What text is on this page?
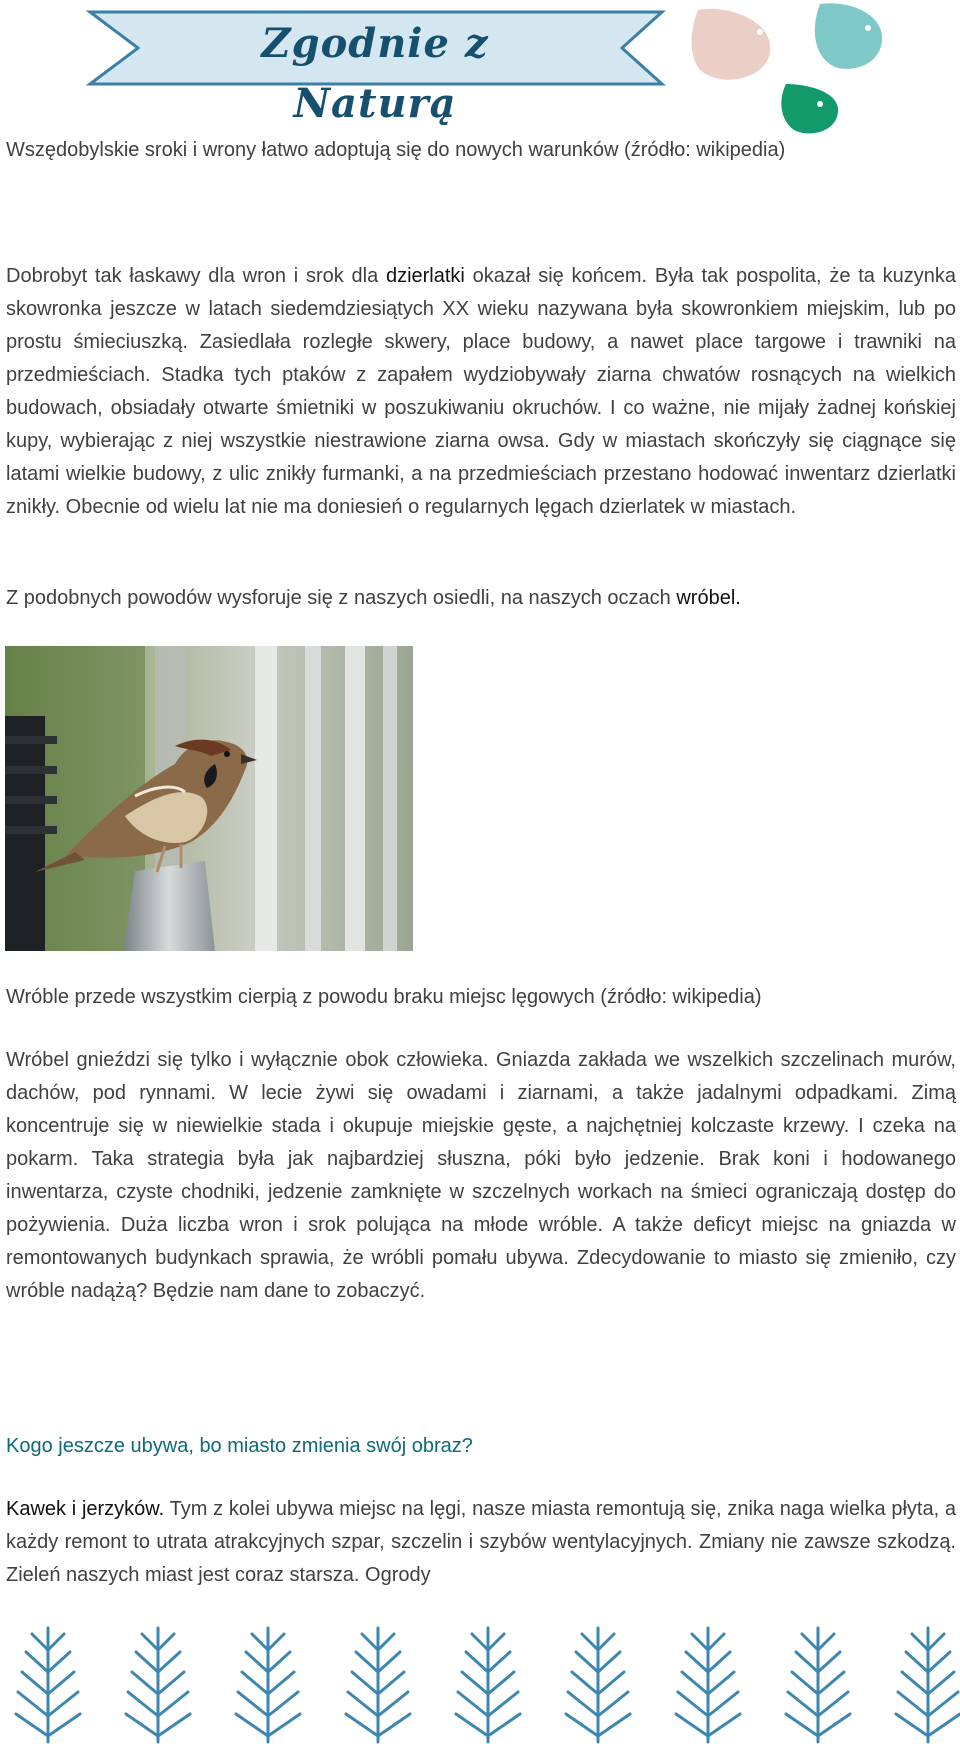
Zgodnie z Naturą
Wszędobylskie sroki i wrony łatwo adoptują się do nowych warunków (źródło: wikipedia)
Dobrobyt tak łaskawy dla wron i srok dla dzierlatki okazał się końcem. Była tak pospolita, że ta kuzynka skowronka jeszcze w latach siedemdziesiątych XX wieku nazywana była skowronkiem miejskim, lub po prostu śmieciuszką. Zasiedlała rozległe skwery, place budowy, a nawet place targowe i trawniki na przedmieściach. Stadka tych ptaków z zapałem wydziobywały ziarna chwatów rosnących na wielkich budowach, obsiadały otwarte śmietniki w poszukiwaniu okruchów. I co ważne, nie mijały żadnej końskiej kupy, wybierając z niej wszystkie niestrawione ziarna owsa. Gdy w miastach skończyły się ciągnące się latami wielkie budowy, z ulic znikły furmanki, a na przedmieściach przestano hodować inwentarz dzierlatki znikły. Obecnie od wielu lat nie ma doniesień o regularnych lęgach dzierlatek w miastach.
Z podobnych powodów wysforuje się z naszych osiedli, na naszych oczach wróbel.
Wróble przede wszystkim cierpią z powodu braku miejsc lęgowych (źródło: wikipedia)
Wróbel gnieździ się tylko i wyłącznie obok człowieka. Gniazda zakłada we wszelkich szczelinach murów, dachów, pod rynnami. W lecie żywi się owadami i ziarnami, a także jadalnymi odpadkami. Zimą koncentruje się w niewielkie stada i okupuje miejskie gęste, a najchętniej kolczaste krzewy. I czeka na pokarm. Taka strategia była jak najbardziej słuszna, póki było jedzenie. Brak koni i hodowanego inwentarza, czyste chodniki, jedzenie zamknięte w szczelnych workach na śmieci ograniczają dostęp do pożywienia. Duża liczba wron i srok polująca na młode wróble. A także deficyt miejsc na gniazda w remontowanych budynkach sprawia, że wróbli pomału ubywa. Zdecydowanie to miasto się zmieniło, czy wróble nadążą? Będzie nam dane to zobaczyć.
Kogo jeszcze ubywa, bo miasto zmienia swój obraz?
Kawek i jerzyków. Tym z kolei ubywa miejsc na lęgi, nasze miasta remontują się, znika naga wielka płyta, a każdy remont to utrata atrakcyjnych szpar, szczelin i szybów wentylacyjnych. Zmiany nie zawsze szkodzą. Zieleń naszych miast jest coraz starsza. Ogrody
